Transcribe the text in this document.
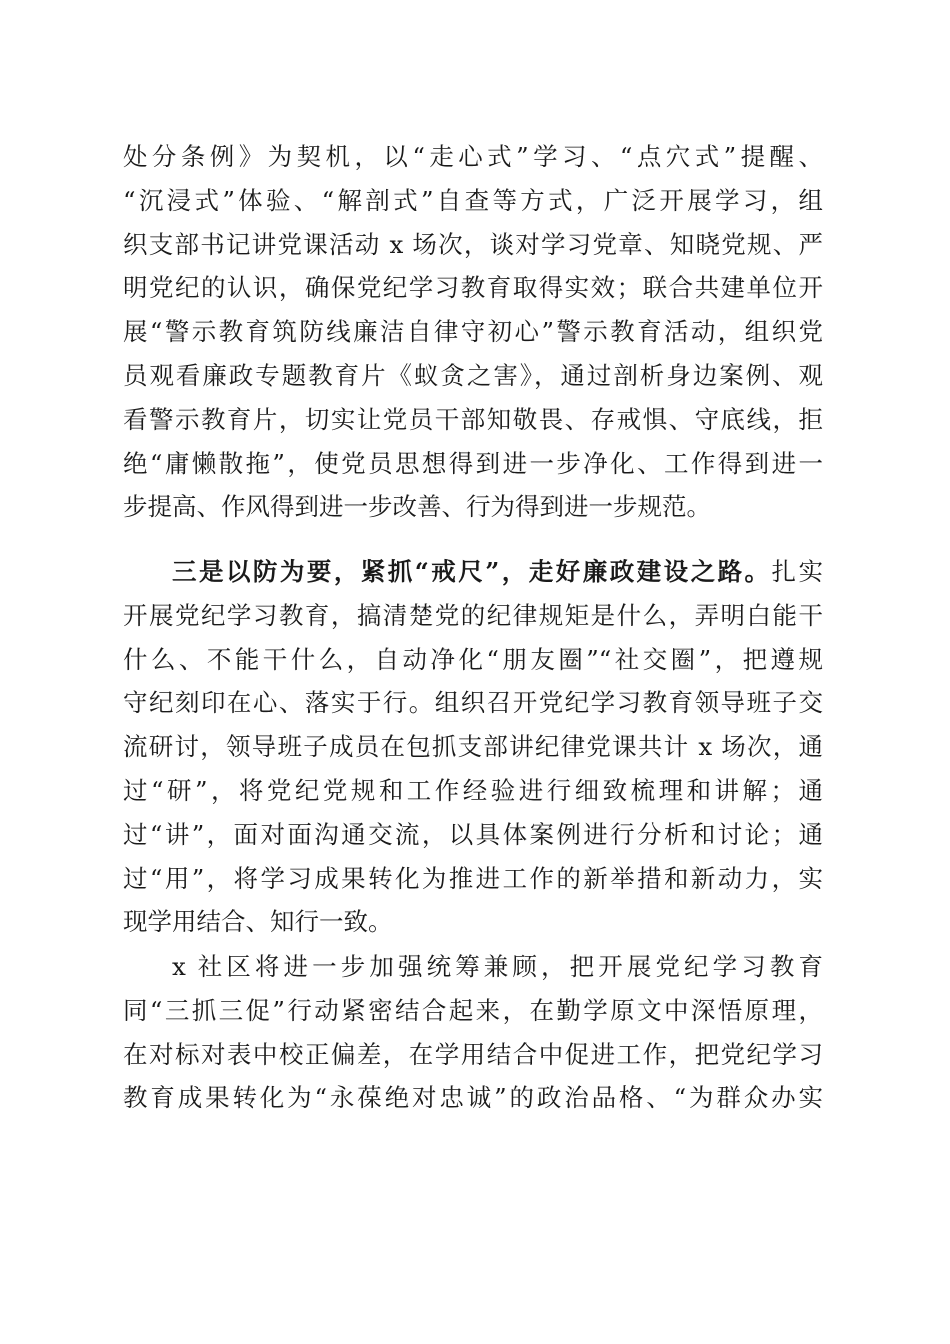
处分条例》为契机，以“走心式”学习、“点穴式”提醒、
“沉浸式”体验、“解剖式”自查等方式，广泛开展学习，组
织支部书记讲党课活动 x 场次，谈对学习党章、知晓党规、严
明党纪的认识，确保党纪学习教育取得实效；联合共建单位开
展“警示教育筑防线廉洁自律守初心”警示教育活动，组织党
员观看廉政专题教育片《蚁贪之害》，通过剖析身边案例、观
看警示教育片，切实让党员干部知敬畏、存戒惧、守底线，拒
绝“庸懒散拖”，使党员思想得到进一步净化、工作得到进一
步提高、作风得到进一步改善、行为得到进一步规范。
三是以防为要，紧抓“戒尺”，走好廉政建设之路。扎实
开展党纪学习教育，搞清楚党的纪律规矩是什么，弄明白能干
什么、不能干什么，自动净化“朋友圈”“社交圈”，把遵规
守纪刻印在心、落实于行。组织召开党纪学习教育领导班子交
流研讨，领导班子成员在包抓支部讲纪律党课共计 x 场次，通
过“研”，将党纪党规和工作经验进行细致梳理和讲解；通
过“讲”，面对面沟通交流，以具体案例进行分析和讨论；通
过“用”，将学习成果转化为推进工作的新举措和新动力，实
现学用结合、知行一致。
x 社区将进一步加强统筹兼顾，把开展党纪学习教育
同“三抓三促”行动紧密结合起来，在勤学原文中深悟原理，
在对标对表中校正偏差，在学用结合中促进工作，把党纪学习
教育成果转化为“永葆绝对忠诚”的政治品格、“为群众办实
